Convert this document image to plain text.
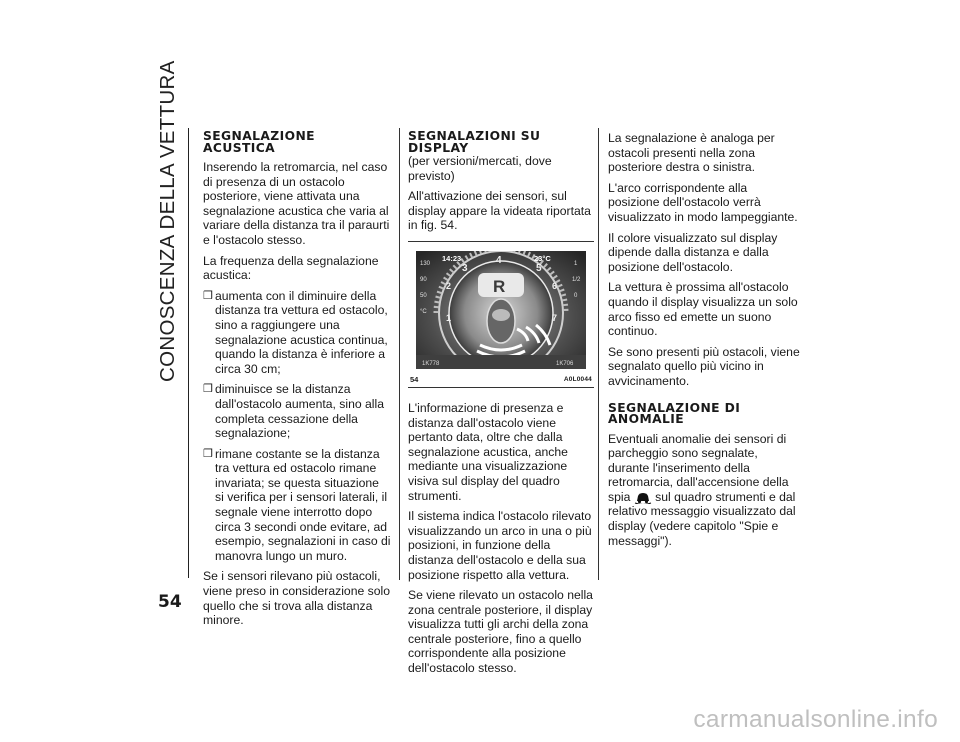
CONOSCENZA DELLA VETTURA
54
SEGNALAZIONE
ACUSTICA

Inserendo la retromarcia, nel caso di presenza di un ostacolo posteriore, viene attivata una segnalazione acustica che varia al variare della distanza tra il paraurti e l'ostacolo stesso.

La frequenza della segnalazione acustica:

❒ aumenta con il diminuire della distanza tra vettura ed ostacolo, sino a raggiungere una segnalazione acustica continua, quando la distanza è inferiore a circa 30 cm;
❒ diminuisce se la distanza dall'ostacolo aumenta, sino alla completa cessazione della segnalazione;
❒ rimane costante se la distanza tra vettura ed ostacolo rimane invariata; se questa situazione si verifica per i sensori laterali, il segnale viene interrotto dopo circa 3 secondi onde evitare, ad esempio, segnalazioni in caso di manovra lungo un muro.

Se i sensori rilevano più ostacoli, viene preso in considerazione solo quello che si trova alla distanza minore.

SEGNALAZIONI SU
DISPLAY

(per versioni/mercati, dove previsto)

All'attivazione dei sensori, sul display appare la videata riportata in fig. 54.

3
4
5
2
1
6
7
130
90
50
°C
1
1/2
0
14:23	23°C
R
1K778	1K706
54	A0L0044

L'informazione di presenza e distanza dall'ostacolo viene pertanto data, oltre che dalla segnalazione acustica, anche mediante una visualizzazione visiva sul display del quadro strumenti.

Il sistema indica l'ostacolo rilevato visualizzando un arco in una o più posizioni, in funzione della distanza dell'ostacolo e della sua posizione rispetto alla vettura.

Se viene rilevato un ostacolo nella zona centrale posteriore, il display visualizza tutti gli archi della zona centrale posteriore, fino a quello corrispondente alla posizione dell'ostacolo stesso.

La segnalazione è analoga per ostacoli presenti nella zona posteriore destra o sinistra.

L'arco corrispondente alla posizione dell'ostacolo verrà visualizzato in modo lampeggiante.

Il colore visualizzato sul display dipende dalla distanza e dalla posizione dell'ostacolo.

La vettura è prossima all'ostacolo quando il display visualizza un solo arco fisso ed emette un suono continuo.

Se sono presenti più ostacoli, viene segnalato quello più vicino in avvicinamento.

SEGNALAZIONE DI
ANOMALIE

Eventuali anomalie dei sensori di parcheggio sono segnalate, durante l'inserimento della retromarcia, dall'accensione della spia sul quadro strumenti e dal relativo messaggio visualizzato dal display (vedere capitolo "Spie e messaggi").

carmanualsonline.info
